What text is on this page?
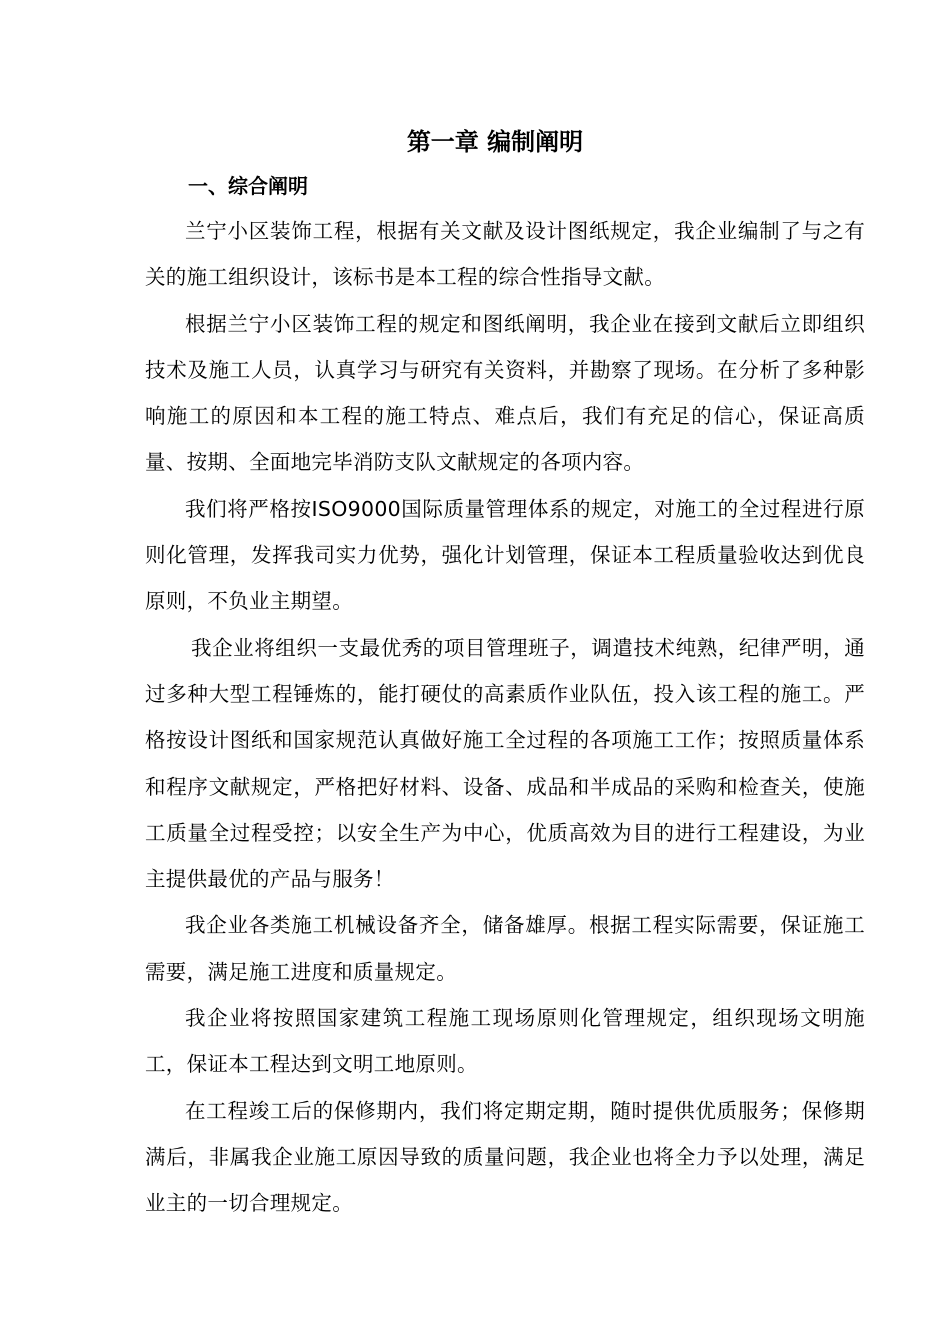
第一章 编制阐明
一、综合阐明

兰宁小区装饰工程，根据有关文献及设计图纸规定，我企业编制了与之有关的施工组织设计，该标书是本工程的综合性指导文献。

根据兰宁小区装饰工程的规定和图纸阐明，我企业在接到文献后立即组织技术及施工人员，认真学习与研究有关资料，并勘察了现场。在分析了多种影响施工的原因和本工程的施工特点、难点后，我们有充足的信心，保证高质量、按期、全面地完毕消防支队文献规定的各项内容。

我们将严格按ISO9000国际质量管理体系的规定，对施工的全过程进行原则化管理，发挥我司实力优势，强化计划管理，保证本工程质量验收达到优良原则，不负业主期望。

我企业将组织一支最优秀的项目管理班子，调遣技术纯熟，纪律严明，通过多种大型工程锤炼的，能打硬仗的高素质作业队伍，投入该工程的施工。严格按设计图纸和国家规范认真做好施工全过程的各项施工工作；按照质量体系和程序文献规定，严格把好材料、设备、成品和半成品的采购和检查关，使施工质量全过程受控；以安全生产为中心，优质高效为目的进行工程建设，为业主提供最优的产品与服务！

我企业各类施工机械设备齐全，储备雄厚。根据工程实际需要，保证施工需要，满足施工进度和质量规定。

我企业将按照国家建筑工程施工现场原则化管理规定，组织现场文明施工，保证本工程达到文明工地原则。

在工程竣工后的保修期内，我们将定期定期，随时提供优质服务；保修期满后，非属我企业施工原因导致的质量问题，我企业也将全力予以处理，满足业主的一切合理规定。
